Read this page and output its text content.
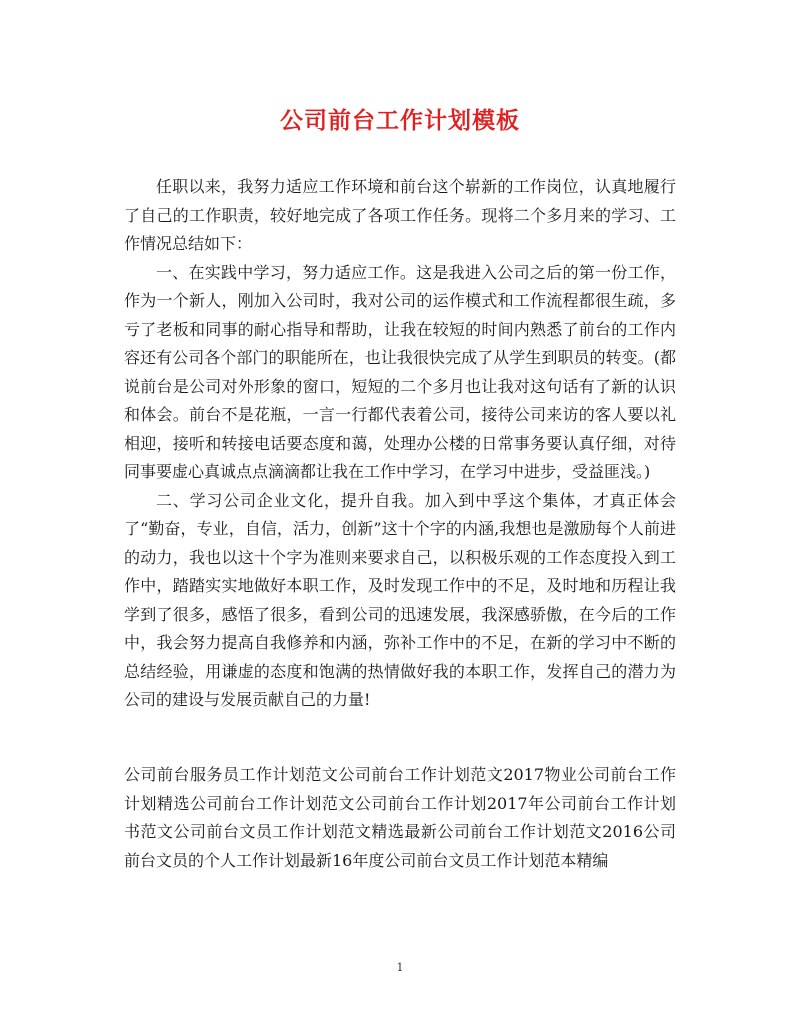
公司前台工作计划模板

任职以来，我努力适应工作环境和前台这个崭新的工作岗位，认真地履行了自己的工作职责，较好地完成了各项工作任务。现将二个多月来的学习、工作情况总结如下：

一、在实践中学习，努力适应工作。这是我进入公司之后的第一份工作，作为一个新人，刚加入公司时，我对公司的运作模式和工作流程都很生疏，多亏了老板和同事的耐心指导和帮助，让我在较短的时间内熟悉了前台的工作内容还有公司各个部门的职能所在，也让我很快完成了从学生到职员的转变。(都说前台是公司对外形象的窗口，短短的二个多月也让我对这句话有了新的认识和体会。前台不是花瓶，一言一行都代表着公司，接待公司来访的客人要以礼相迎，接听和转接电话要态度和蔼，处理办公楼的日常事务要认真仔细，对待同事要虚心真诚点点滴滴都让我在工作中学习，在学习中进步，受益匪浅。)

二、学习公司企业文化，提升自我。加入到中孚这个集体，才真正体会了“勤奋，专业，自信，活力，创新”这十个字的内涵,我想也是激励每个人前进的动力，我也以这十个字为准则来要求自己，以积极乐观的工作态度投入到工作中，踏踏实实地做好本职工作，及时发现工作中的不足，及时地和历程让我学到了很多，感悟了很多，看到公司的迅速发展，我深感骄傲，在今后的工作中，我会努力提高自我修养和内涵，弥补工作中的不足，在新的学习中不断的总结经验，用谦虚的态度和饱满的热情做好我的本职工作，发挥自己的潜力为公司的建设与发展贡献自己的力量!

公司前台服务员工作计划范文公司前台工作计划范文2017物业公司前台工作计划精选公司前台工作计划范文公司前台工作计划2017年公司前台工作计划书范文公司前台文员工作计划范文精选最新公司前台工作计划范文2016公司前台文员的个人工作计划最新16年度公司前台文员工作计划范本精编

1
